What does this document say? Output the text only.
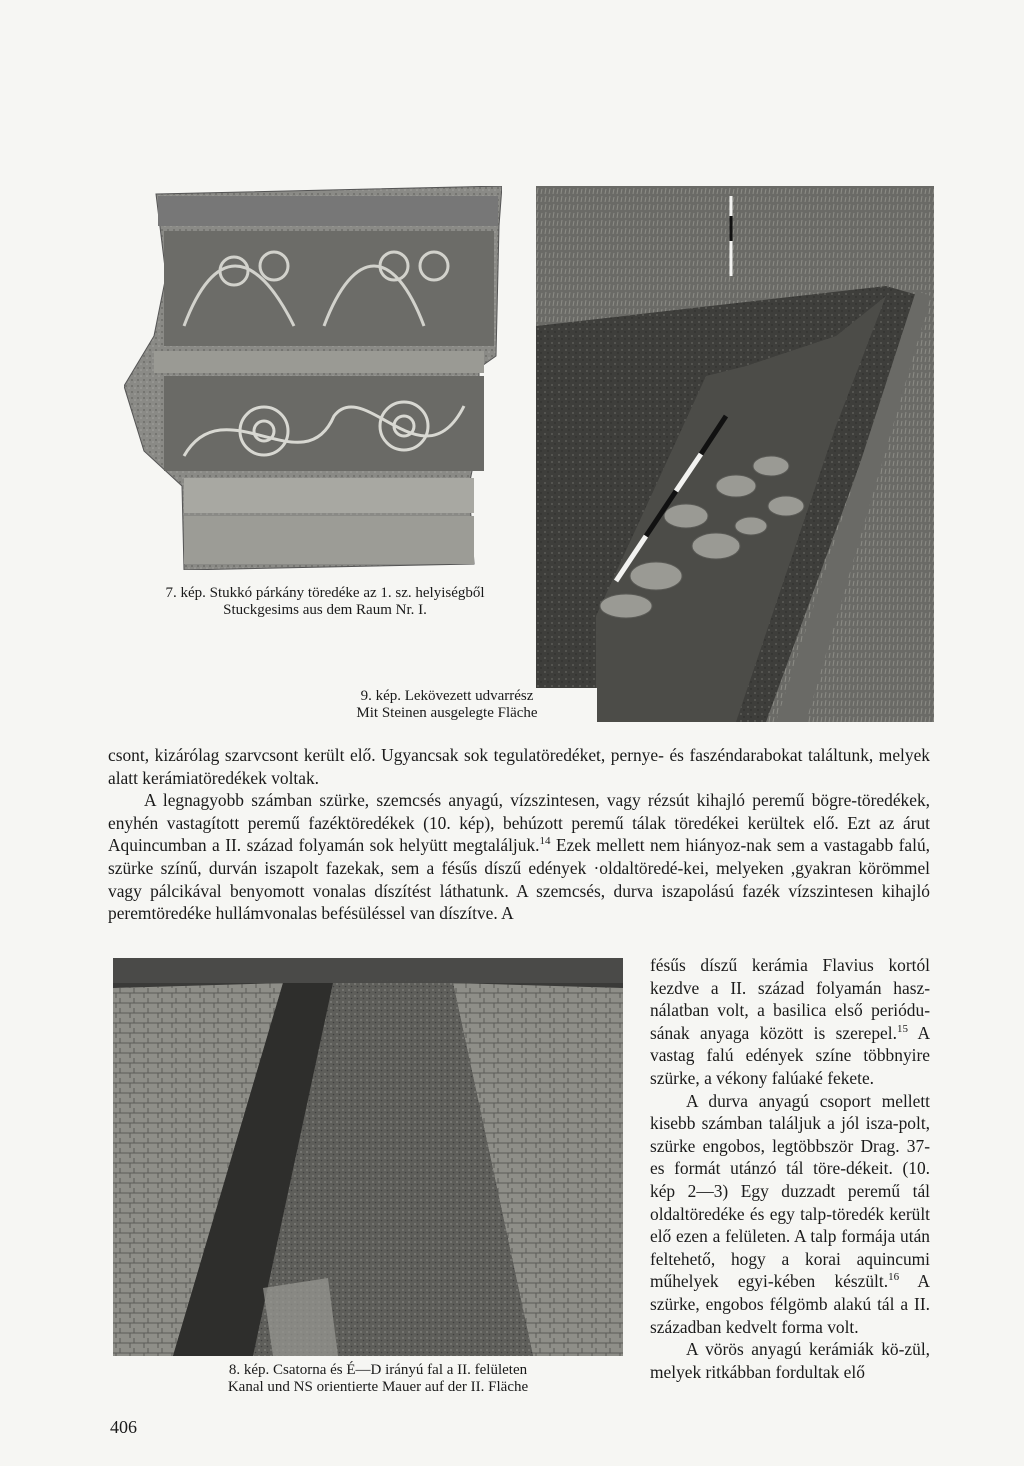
7. kép. Stukkó párkány töredéke az 1. sz. helyiségből
Stuckgesims aus dem Raum Nr. I.
9. kép. Lekövezett udvarrész
Mit Steinen ausgelegte Fläche

csont, kizárólag szarvcsont került elő. Ugyancsak sok tegulatöredéket, pernye- és faszéndarabokat találtunk, melyek alatt kerámiatöredékek voltak.

A legnagyobb számban szürke, szemcsés anyagú, vízszintesen, vagy rézsút kihajló peremű bögre-töredékek, enyhén vastagított peremű fazéktöredékek (10. kép), behúzott peremű tálak töredékei kerültek elő. Ezt az árut Aquincumban a II. század folyamán sok helyütt megtaláljuk.$^{14}$ Ezek mellett nem hiányoz-nak sem a vastagabb falú, szürke színű, durván iszapolt fazekak, sem a fésűs díszű edények ·oldaltöredé-kei, melyeken ,gyakran körömmel vagy pálcikával benyomott vonalas díszítést láthatunk. A szemcsés, durva iszapolású fazék vízszintesen kihajló peremtöredéke hullámvonalas befésüléssel van díszítve. A

8. kép. Csatorna és É—D irányú fal a II. felületen
Kanal und NS orientierte Mauer auf der II. Fläche

fésűs díszű kerámia Flavius kortól kezdve a II. század folyamán hasz-nálatban volt, a basilica első periódu-sának anyaga között is szerepel.$^{15}$ A vastag falú edények színe többnyire szürke, a vékony falúaké fekete.

A durva anyagú csoport mellett kisebb számban találjuk a jól isza-polt, szürke engobos, legtöbbször Drag. 37-es formát utánzó tál törе-dékeit. (10. kép 2—3) Egy duzzadt peremű tál oldaltöredéke és egy talp-töredék került elő ezen a felületen. A talp formája után feltehető, hogy a korai aquincumi műhelyek egyi-kében készült.$^{16}$ A szürke, engobos félgömb alakú tál a II. században kedvelt forma volt.

A vörös anyagú kerámiák kö-zül, melyek ritkábban fordultak elő

406
